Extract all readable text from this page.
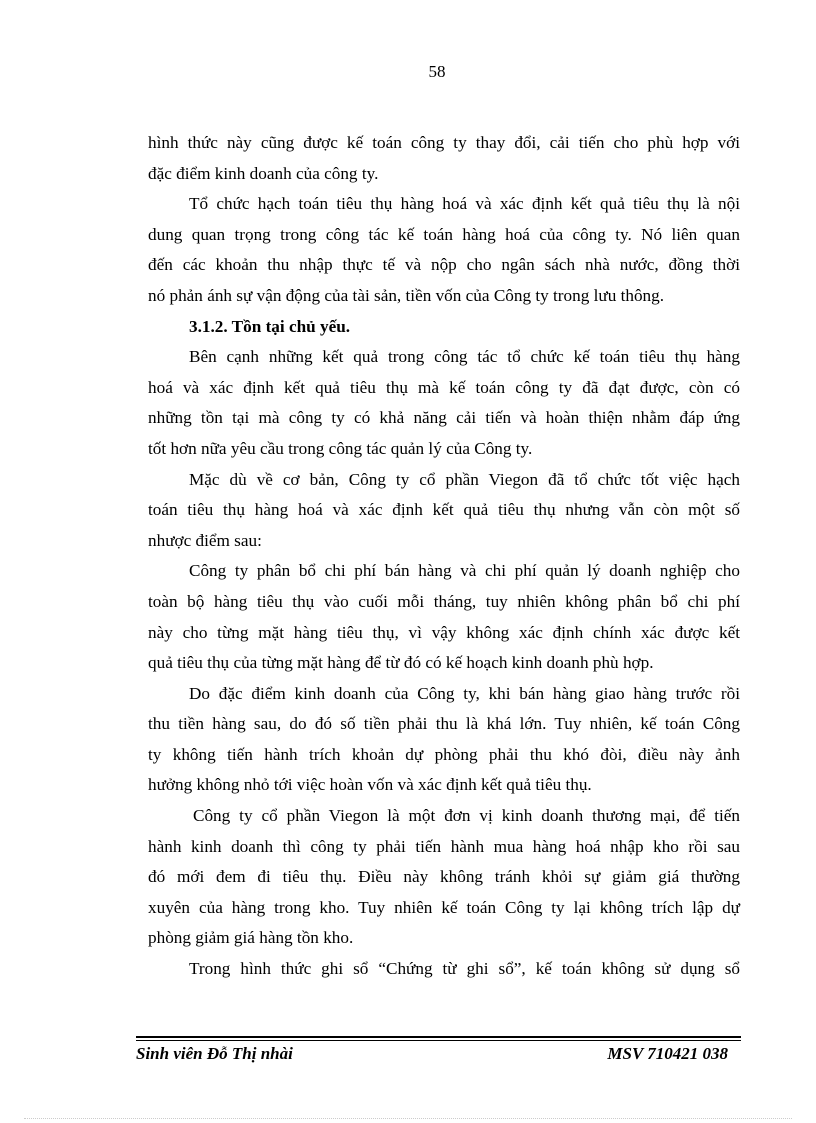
58
hình thức này cũng được kế toán công ty thay đổi, cải tiến cho phù hợp với
đặc điểm kinh doanh của công ty.
Tổ chức hạch toán tiêu thụ hàng hoá và xác định kết quả tiêu thụ là nội
dung quan trọng trong công tác kế toán hàng hoá của công ty. Nó liên quan
đến các khoản thu nhập thực tế và nộp cho ngân sách nhà nước, đồng thời
nó phản ánh sự vận động của tài sản, tiền vốn của Công ty trong lưu thông.
3.1.2. Tồn tại chủ yếu.
Bên cạnh những kết quả trong công tác tổ chức kế toán tiêu thụ hàng
hoá và xác định kết quả tiêu thụ mà kế toán công ty đã đạt được, còn có
những tồn tại mà công ty có khả năng cải tiến và hoàn thiện nhằm đáp ứng
tốt hơn nữa yêu cầu trong công tác quản lý của Công ty.
Mặc dù về cơ bản, Công ty cổ phần Viegon đã tổ chức tốt việc hạch
toán tiêu thụ hàng hoá và xác định kết quả tiêu thụ nhưng vẫn còn một số
nhược điểm sau:
Công ty phân bổ chi phí bán hàng và chi phí quản lý doanh nghiệp cho
toàn bộ hàng tiêu thụ vào cuối mỗi tháng, tuy nhiên không phân bổ chi phí
này cho từng mặt hàng tiêu thụ, vì vậy không xác định chính xác được kết
quả tiêu thụ của từng mặt hàng để từ đó có kế hoạch kinh doanh phù hợp.
Do đặc điểm kinh doanh của Công ty, khi bán hàng giao hàng trước rồi
thu tiền hàng sau, do đó số tiền phải thu là khá lớn. Tuy nhiên, kế toán Công
ty không tiến hành trích khoản dự phòng phải thu khó đòi, điều này ảnh
hưởng không nhỏ tới việc hoàn vốn và xác định kết quả tiêu thụ.
Công ty cổ phần Viegon là một đơn vị kinh doanh thương mại, để tiến
hành kinh doanh thì công ty phải tiến hành mua hàng hoá nhập kho rồi sau
đó mới đem đi tiêu thụ. Điều này không tránh khỏi sự giảm giá thường
xuyên của hàng trong kho. Tuy nhiên kế toán Công ty lại không trích lập dự
phòng giảm giá hàng tồn kho.
Trong hình thức ghi sổ “Chứng từ ghi sổ”, kế toán không sử dụng sổ
Sinh viên Đỗ Thị nhài	MSV 710421 038
